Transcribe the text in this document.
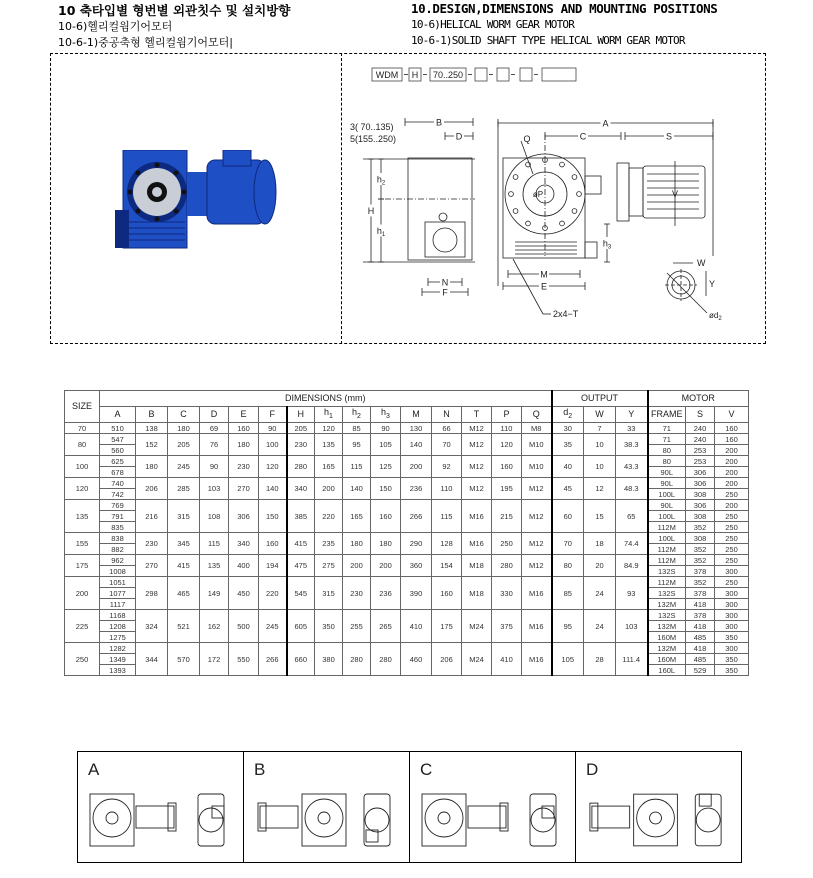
10 축타입별 형번별 외관칫수 및 설치방향
10-6)헬리컬웜기어모터
10-6-1)중공축형 헬리컬웜기어모터|
10.DESIGN,DIMENSIONS AND MOUNTING POSITIONS
10-6)HELICAL WORM GEAR MOTOR
10-6-1)SOLID SHAFT TYPE HELICAL WORM GEAR MOTOR
WDM H 70..250
3( 70..135)
5(155..250)
B
D
H
$h_2$
$h_1$
N
F
A
C	S
øP
Q
V
$h_3$
M
E
2x4−T
W
Y
$ød_2$
SIZE	DIMENSIONS (mm)															OUTPUT			MOTOR		
	A	B	C	D	E	F	H	$h_1$	$h_2$	$h_3$	M	N	T	P	Q	$d_2$	W	Y	FRAME	S	V
70	510	138	180	69	160	90	205	120	85	90	130	66	M12	110	M8	30	7	33	71	240	160
80	547	152	205	76	180	100	230	135	95	105	140	70	M12	120	M10	35	10	38.3	71	240	160
	560																		80	253	200
100	625	180	245	90	230	120	280	165	115	125	200	92	M12	160	M10	40	10	43.3	80	253	200
	678																		90L	306	200
120	740	206	285	103	270	140	340	200	140	150	236	110	M12	195	M12	45	12	48.3	90L	306	200
	742																		100L	308	250
135	769	216	315	108	306	150	385	220	165	160	266	115	M16	215	M12	60	15	65	90L	306	200
	791																		100L	308	250
	835																		112M	352	250
155	838	230	345	115	340	160	415	235	180	180	290	128	M16	250	M12	70	18	74.4	100L	308	250
	882																		112M	352	250
175	962	270	415	135	400	194	475	275	200	200	360	154	M18	280	M12	80	20	84.9	112M	352	250
	1008																		132S	378	300
200	1051	298	465	149	450	220	545	315	230	236	390	160	M18	330	M16	85	24	93	112M	352	250
	1077																		132S	378	300
	1117																		132M	418	300
225	1168	324	521	162	500	245	605	350	255	265	410	175	M24	375	M16	95	24	103	132S	378	300
	1208																		132M	418	300
	1275																		160M	485	350
250	1282	344	570	172	550	266	660	380	280	280	460	206	M24	410	M16	105	28	111.4	132M	418	300
	1349																		160M	485	350
	1393																		160L	529	350
A	B	C	D
